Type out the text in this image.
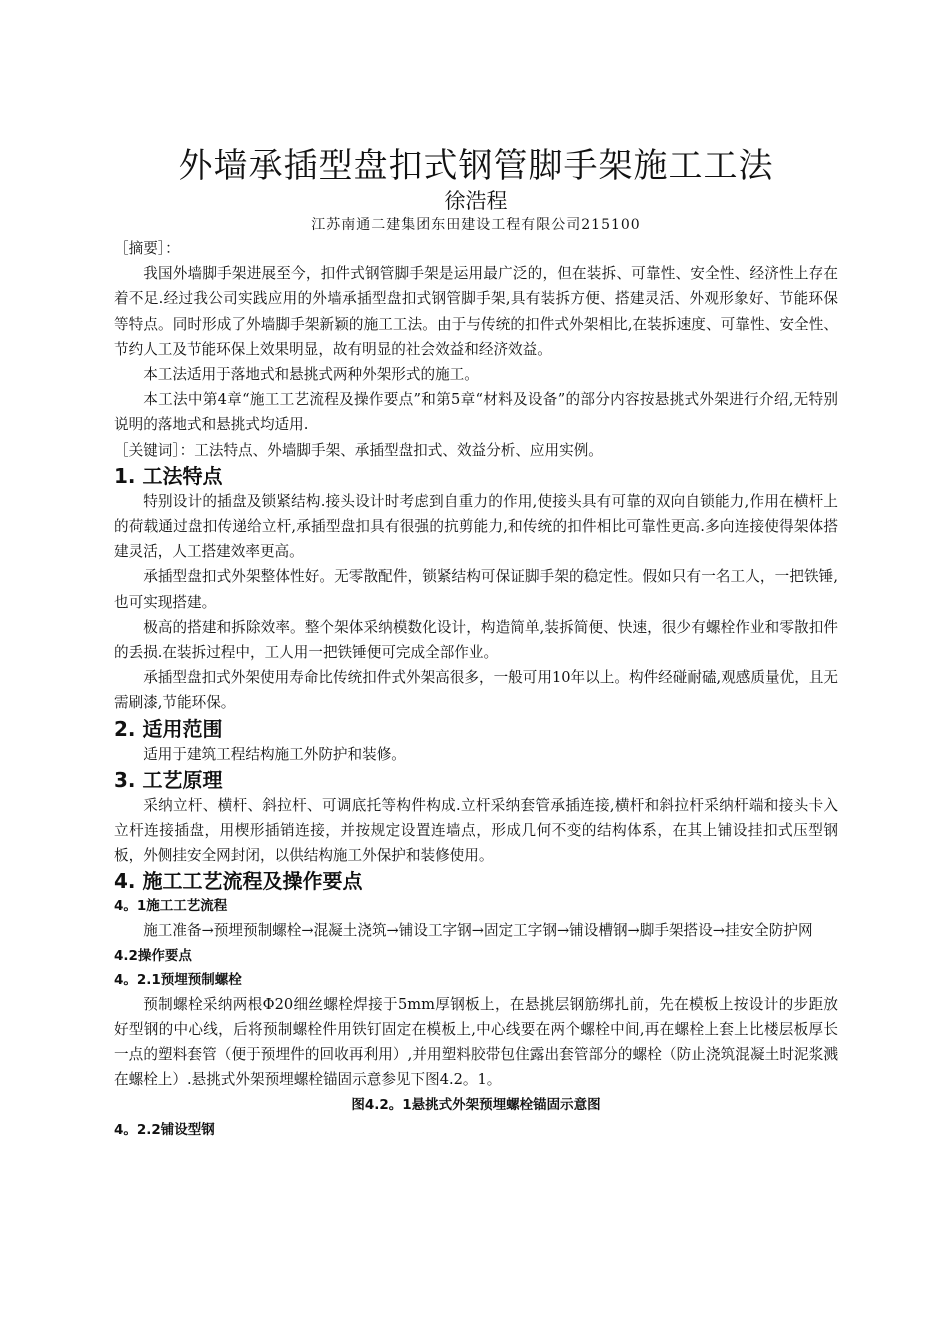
外墙承插型盘扣式钢管脚手架施工工法

徐浩程

江苏南通二建集团东田建设工程有限公司215100

［摘要］：

我国外墙脚手架进展至今，扣件式钢管脚手架是运用最广泛的，但在装拆、可靠性、安全性、经济性上存在着不足.经过我公司实践应用的外墙承插型盘扣式钢管脚手架,具有装拆方便、搭建灵活、外观形象好、节能环保等特点。同时形成了外墙脚手架新颖的施工工法。由于与传统的扣件式外架相比,在装拆速度、可靠性、安全性、节约人工及节能环保上效果明显，故有明显的社会效益和经济效益。

本工法适用于落地式和悬挑式两种外架形式的施工。

本工法中第4章“施工工艺流程及操作要点”和第5章“材料及设备”的部分内容按悬挑式外架进行介绍,无特别说明的落地式和悬挑式均适用.

［关键词］：工法特点、外墙脚手架、承插型盘扣式、效益分析、应用实例。

1. 工法特点

特别设计的插盘及锁紧结构.接头设计时考虑到自重力的作用,使接头具有可靠的双向自锁能力,作用在横杆上的荷载通过盘扣传递给立杆,承插型盘扣具有很强的抗剪能力,和传统的扣件相比可靠性更高.多向连接使得架体搭建灵活，人工搭建效率更高。

承插型盘扣式外架整体性好。无零散配件，锁紧结构可保证脚手架的稳定性。假如只有一名工人，一把铁锤,也可实现搭建。

极高的搭建和拆除效率。整个架体采纳模数化设计，构造简单,装拆简便、快速，很少有螺栓作业和零散扣件的丢损.在装拆过程中，工人用一把铁锤便可完成全部作业。

承插型盘扣式外架使用寿命比传统扣件式外架高很多，一般可用10年以上。构件经碰耐磕,观感质量优，且无需刷漆,节能环保。

2. 适用范围

适用于建筑工程结构施工外防护和装修。

3. 工艺原理

采纳立杆、横杆、斜拉杆、可调底托等构件构成.立杆采纳套管承插连接,横杆和斜拉杆采纳杆端和接头卡入立杆连接插盘，用楔形插销连接，并按规定设置连墙点，形成几何不变的结构体系，在其上铺设挂扣式压型钢板，外侧挂安全网封闭，以供结构施工外保护和装修使用。

4. 施工工艺流程及操作要点
4。1施工工艺流程

施工准备→预埋预制螺栓→混凝土浇筑→铺设工字钢→固定工字钢→铺设槽钢→脚手架搭设→挂安全防护网

4.2操作要点
4。2.1预埋预制螺栓

预制螺栓采纳两根Φ20细丝螺栓焊接于5mm厚钢板上，在悬挑层钢筋绑扎前，先在模板上按设计的步距放好型钢的中心线，后将预制螺栓件用铁钉固定在模板上,中心线要在两个螺栓中间,再在螺栓上套上比楼层板厚长一点的塑料套管（便于预埋件的回收再利用）,并用塑料胶带包住露出套管部分的螺栓（防止浇筑混凝土时泥浆溅在螺栓上）.悬挑式外架预埋螺栓锚固示意参见下图4.2。1。

图4.2。1悬挑式外架预埋螺栓锚固示意图

4。2.2铺设型钢
